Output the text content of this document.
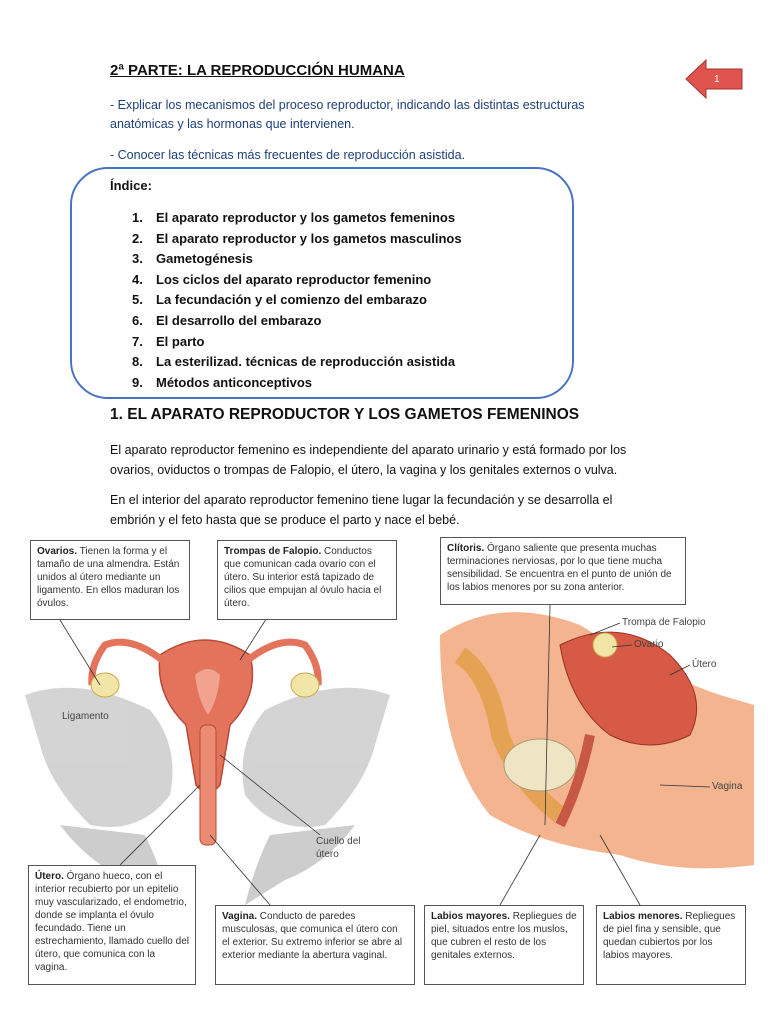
2ª PARTE: LA REPRODUCCIÓN HUMANA
1
- Explicar los mecanismos del proceso reproductor, indicando las distintas estructuras anatómicas y las hormonas que intervienen.
- Conocer las técnicas más frecuentes de reproducción asistida.
Índice:
1. El aparato reproductor y los gametos femeninos
2. El aparato reproductor y los gametos masculinos
3. Gametogénesis
4. Los ciclos del aparato reproductor femenino
5. La fecundación y el comienzo del embarazo
6. El desarrollo del embarazo
7. El parto
8. La esterilizad. técnicas de reproducción asistida
9. Métodos anticonceptivos
1. EL APARATO REPRODUCTOR Y LOS GAMETOS FEMENINOS
El aparato reproductor femenino es independiente del aparato urinario y está formado por los ovarios, oviductos o trompas de Falopio, el útero, la vagina y los genitales externos o vulva.
En el interior del aparato reproductor femenino tiene lugar la fecundación y se desarrolla el embrión y el feto hasta que se produce el parto y nace el bebé.
Ovarios. Tienen la forma y el tamaño de una almendra. Están unidos al útero mediante un ligamento. En ellos maduran los óvulos.
Trompas de Falopio. Conductos que comunican cada ovario con el útero. Su interior está tapizado de cilios que empujan al óvulo hacia el útero.
Clítoris. Órgano saliente que presenta muchas terminaciones nerviosas, por lo que tiene mucha sensibilidad. Se encuentra en el punto de unión de los labios menores por su zona anterior.
Útero. Órgano hueco, con el interior recubierto por un epitelio muy vascularizado, el endometrio, donde se implanta el óvulo fecundado. Tiene un estrechamiento, llamado cuello del útero, que comunica con la vagina.
Vagina. Conducto de paredes musculosas, que comunica el útero con el exterior. Su extremo inferior se abre al exterior mediante la abertura vaginal.
Labios mayores. Repliegues de piel, situados entre los muslos, que cubren el resto de los genitales externos.
Labios menores. Repliegues de piel fina y sensible, que quedan cubiertos por los labios mayores.
Ligamento
Cuello del útero
Trompa de Falopio
Ovario
Útero
Vagina
